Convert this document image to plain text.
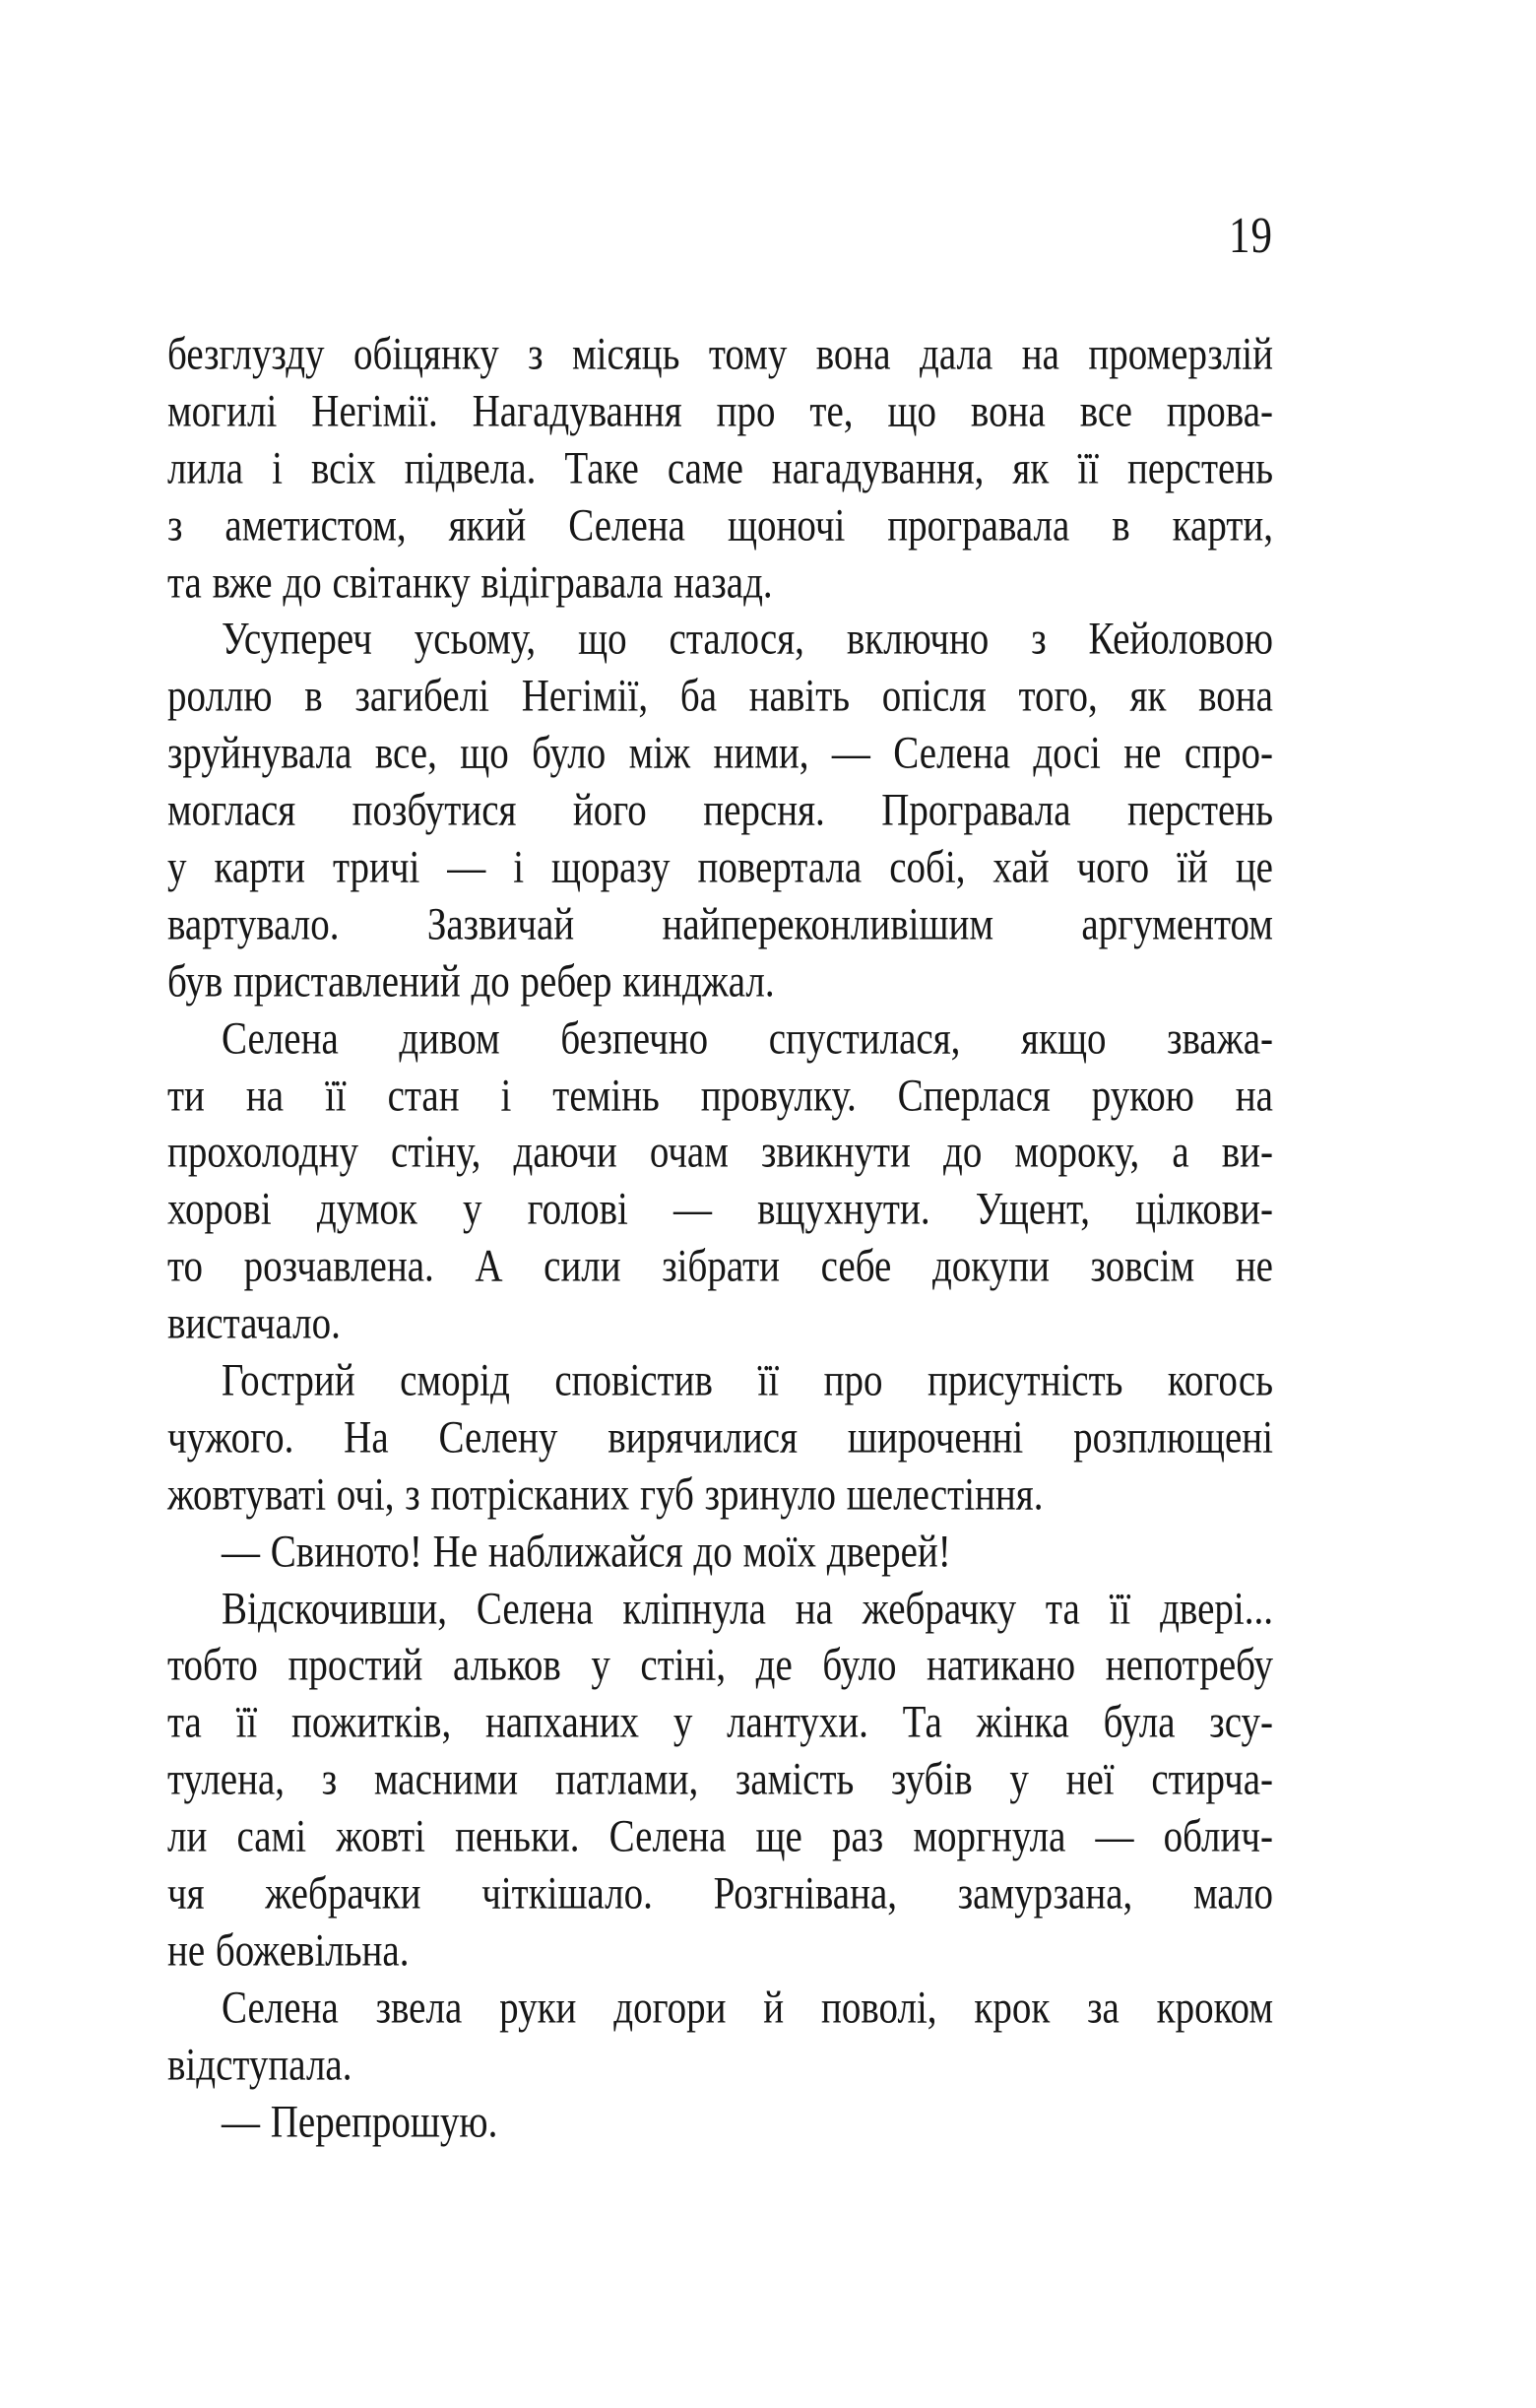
19
безглузду обіцянку з місяць тому вона дала на промерзлій
могилі Негімії. Нагадування про те, що вона все прова-
лила і всіх підвела. Таке саме нагадування, як її перстень
з аметистом, який Селена щоночі програвала в карти,
та вже до світанку відігравала назад.
Усупереч усьому, що сталося, включно з Кейоловою
роллю в загибелі Негімії, ба навіть опісля того, як вона
зруйнувала все, що було між ними, — Селена досі не спро-
моглася позбутися його персня. Програвала перстень
у карти тричі — і щоразу повертала собі, хай чого їй це
вартувало. Зазвичай найпереконливішим аргументом
був приставлений до ребер кинджал.
Селена дивом безпечно спустилася, якщо зважа-
ти на її стан і темінь провулку. Сперлася рукою на
прохолодну стіну, даючи очам звикнути до мороку, а ви-
хорові думок у голові — вщухнути. Ущент, цілкови-
то розчавлена. А сили зібрати себе докупи зовсім не
вистачало.
Гострий сморід сповістив її про присутність когось
чужого. На Селену вирячилися широченні розплющені
жовтуваті очі, з потрісканих губ зринуло шелестіння.
— Свиното! Не наближайся до моїх дверей!
Відскочивши, Селена кліпнула на жебрачку та її двері...
тобто простий альков у стіні, де було натикано непотребу
та її пожитків, напханих у лантухи. Та жінка була зсу-
тулена, з масними патлами, замість зубів у неї стирча-
ли самі жовті пеньки. Селена ще раз моргнула — облич-
чя жебрачки чіткішало. Розгнівана, замурзана, мало
не божевільна.
Селена звела руки догори й поволі, крок за кроком
відступала.
— Перепрошую.
